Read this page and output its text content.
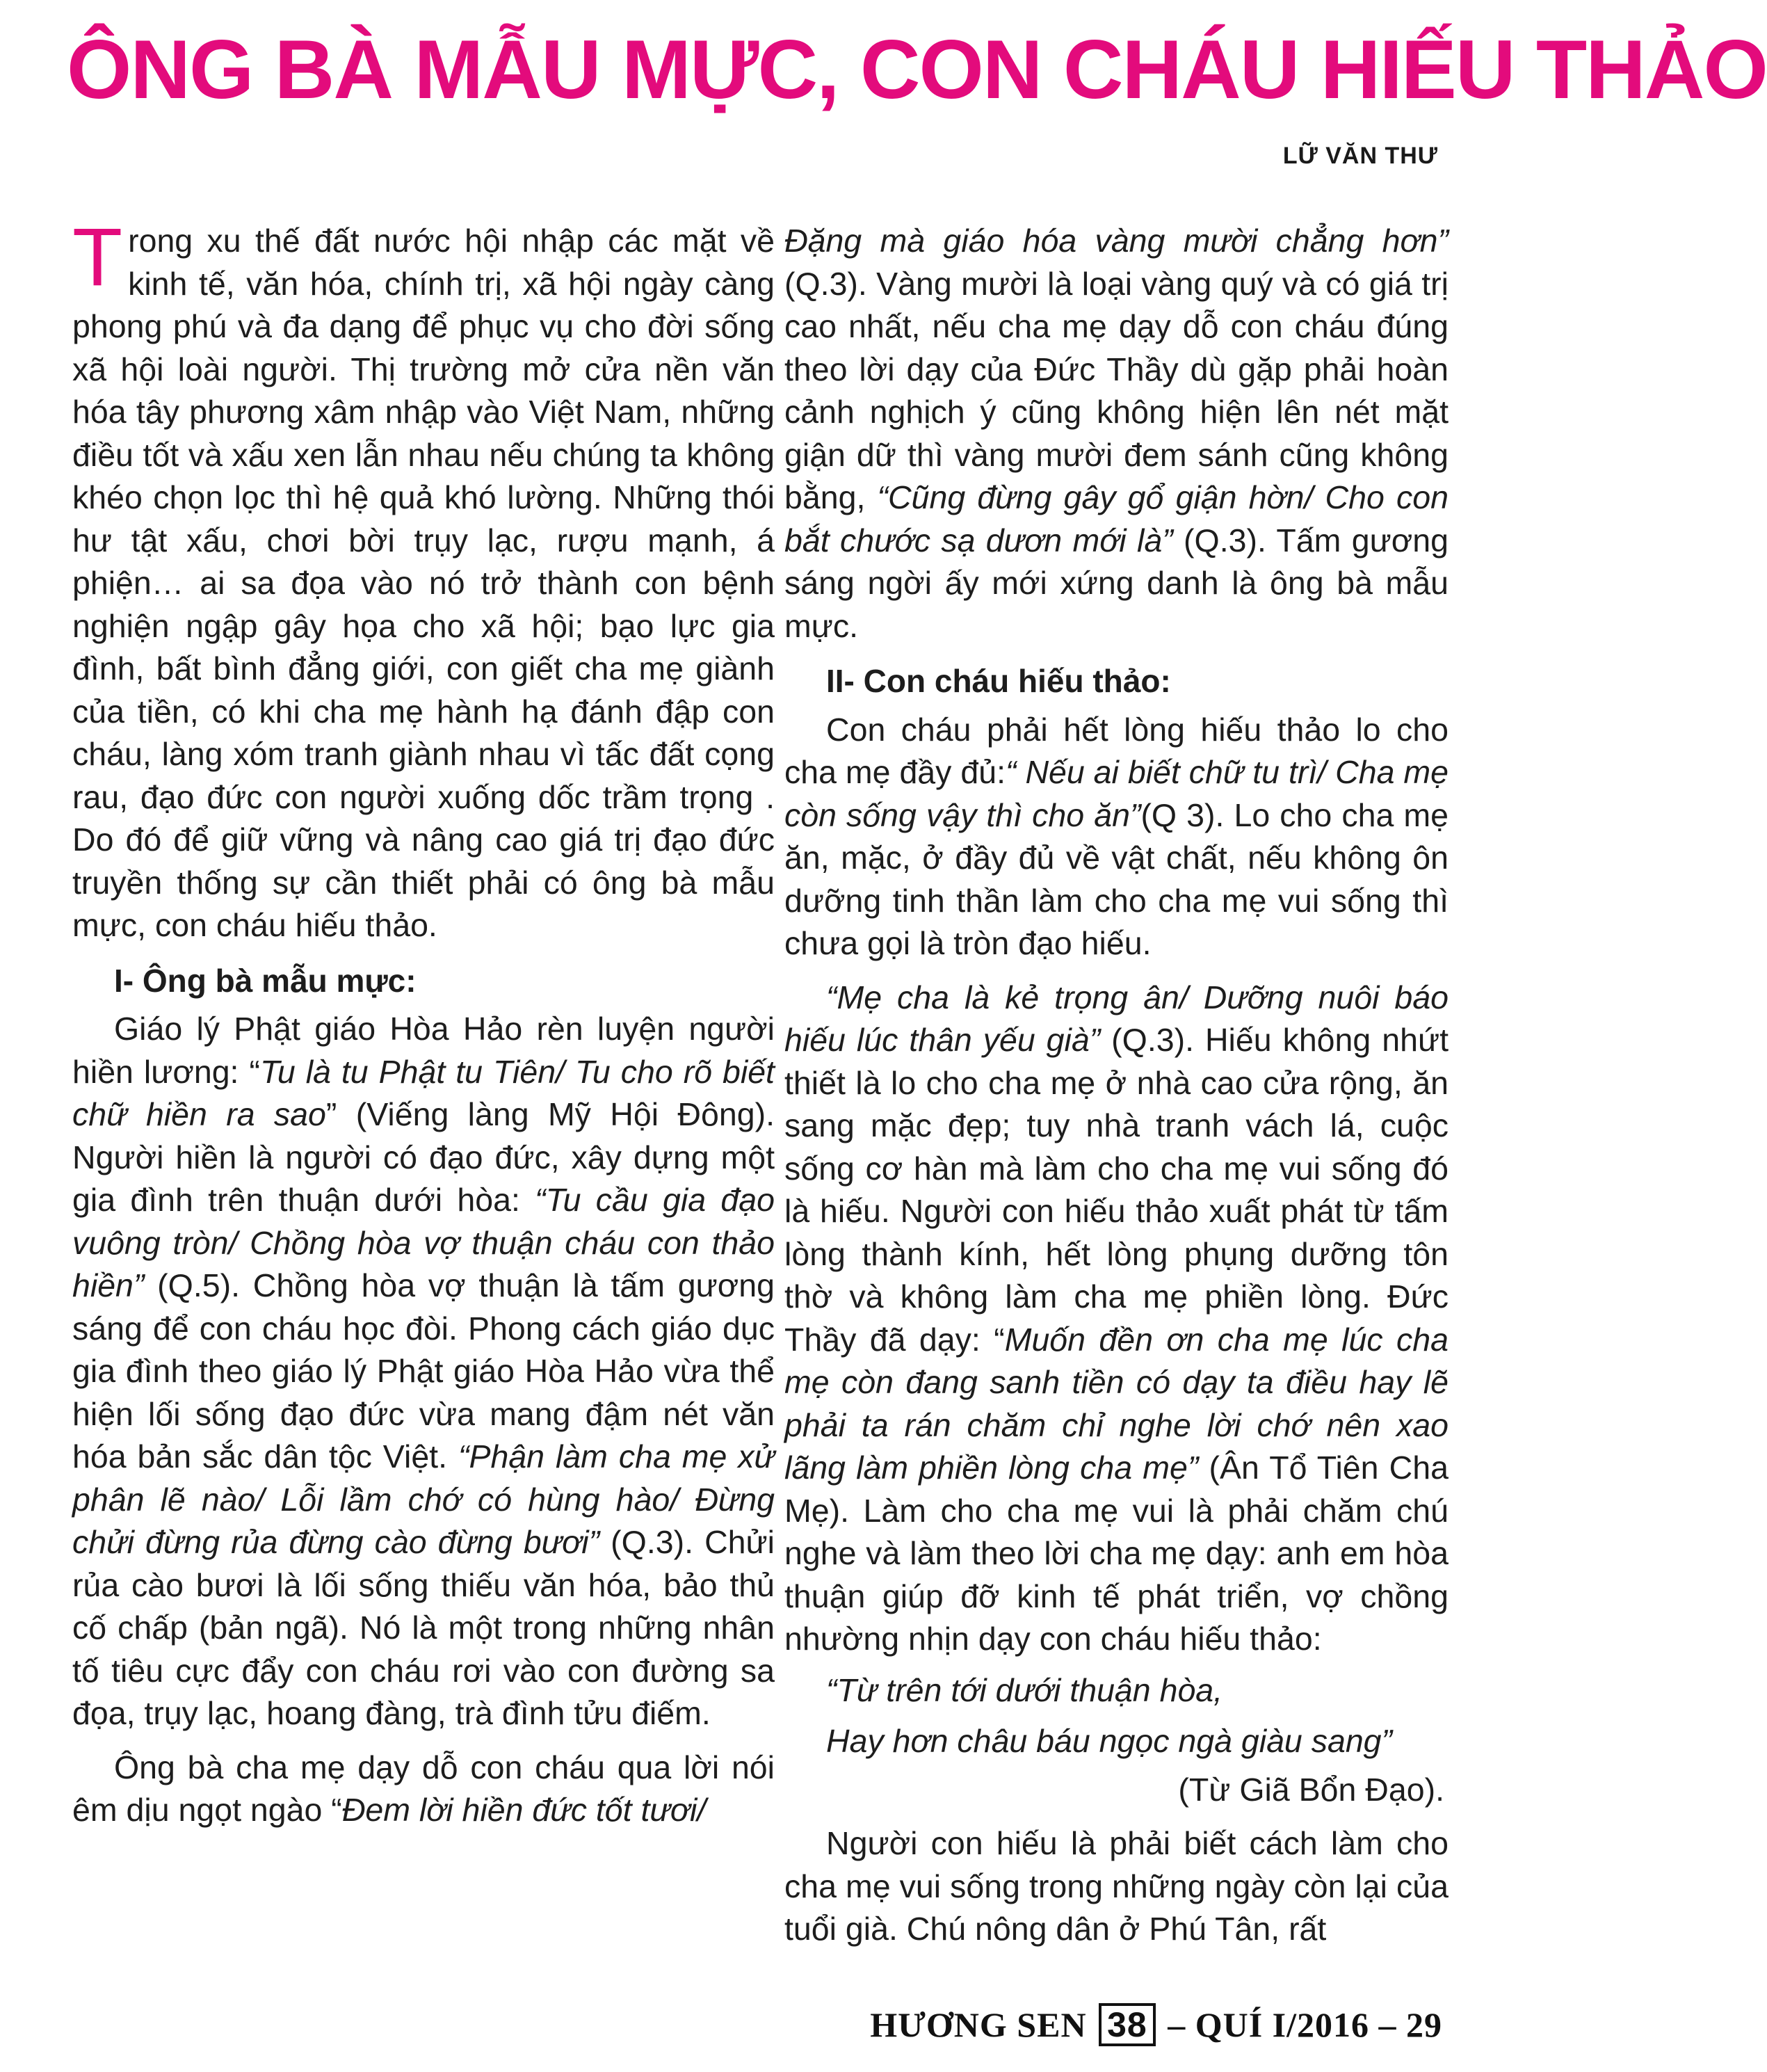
ÔNG BÀ MẪU MỰC, CON CHÁU HIẾU THẢO
LỮ VĂN THƯ

Trong xu thế đất nước hội nhập các mặt về kinh tế, văn hóa, chính trị, xã hội ngày càng phong phú và đa dạng để phục vụ cho đời sống xã hội loài người. Thị trường mở cửa nền văn hóa tây phương xâm nhập vào Việt Nam, những điều tốt và xấu xen lẫn nhau nếu chúng ta không khéo chọn lọc thì hệ quả khó lường. Những thói hư tật xấu, chơi bời trụy lạc, rượu mạnh, á phiện… ai sa đọa vào nó trở thành con bệnh nghiện ngập gây họa cho xã hội; bạo lực gia đình, bất bình đẳng giới, con giết cha mẹ giành của tiền, có khi cha mẹ hành hạ đánh đập con cháu, làng xóm tranh giành nhau vì tấc đất cọng rau, đạo đức con người xuống dốc trầm trọng . Do đó để giữ vững và nâng cao giá trị đạo đức truyền thống sự cần thiết phải có ông bà mẫu mực, con cháu hiếu thảo.

I- Ông bà mẫu mực:

Giáo lý Phật giáo Hòa Hảo rèn luyện người hiền lương: “Tu là tu Phật tu Tiên/ Tu cho rõ biết chữ hiền ra sao” (Viếng làng Mỹ Hội Đông). Người hiền là người có đạo đức, xây dựng một gia đình trên thuận dưới hòa: “Tu cầu gia đạo vuông tròn/ Chồng hòa vợ thuận cháu con thảo hiền” (Q.5). Chồng hòa vợ thuận là tấm gương sáng để con cháu học đòi. Phong cách giáo dục gia đình theo giáo lý Phật giáo Hòa Hảo vừa thể hiện lối sống đạo đức vừa mang đậm nét văn hóa bản sắc dân tộc Việt. “Phận làm cha mẹ xử phân lẽ nào/ Lỗi lầm chớ có hùng hào/ Đừng chửi đừng rủa đừng cào đừng bươi” (Q.3). Chửi rủa cào bươi là lối sống thiếu văn hóa, bảo thủ cố chấp (bản ngã). Nó là một trong những nhân tố tiêu cực đẩy con cháu rơi vào con đường sa đọa, trụy lạc, hoang đàng, trà đình tửu điếm.

Ông bà cha mẹ dạy dỗ con cháu qua lời nói êm dịu ngọt ngào “Đem lời hiền đức tốt tươi/

Đặng mà giáo hóa vàng mười chẳng hơn” (Q.3). Vàng mười là loại vàng quý và có giá trị cao nhất, nếu cha mẹ dạy dỗ con cháu đúng theo lời dạy của Đức Thầy dù gặp phải hoàn cảnh nghịch ý cũng không hiện lên nét mặt giận dữ thì vàng mười đem sánh cũng không bằng, “Cũng đừng gây gổ giận hờn/ Cho con bắt chước sạ dươn mới là” (Q.3). Tấm gương sáng ngời ấy mới xứng danh là ông bà mẫu mực.

II- Con cháu hiếu thảo:

Con cháu phải hết lòng hiếu thảo lo cho cha mẹ đầy đủ:“ Nếu ai biết chữ tu trì/ Cha mẹ còn sống vậy thì cho ăn”(Q 3). Lo cho cha mẹ ăn, mặc, ở đầy đủ về vật chất, nếu không ôn dưỡng tinh thần làm cho cha mẹ vui sống thì chưa gọi là tròn đạo hiếu.

“Mẹ cha là kẻ trọng ân/ Dưỡng nuôi báo hiếu lúc thân yếu già” (Q.3). Hiếu không nhứt thiết là lo cho cha mẹ ở nhà cao cửa rộng, ăn sang mặc đẹp; tuy nhà tranh vách lá, cuộc sống cơ hàn mà làm cho cha mẹ vui sống đó là hiếu. Người con hiếu thảo xuất phát từ tấm lòng thành kính, hết lòng phụng dưỡng tôn thờ và không làm cha mẹ phiền lòng. Đức Thầy đã dạy: “Muốn đền ơn cha mẹ lúc cha mẹ còn đang sanh tiền có dạy ta điều hay lẽ phải ta rán chăm chỉ nghe lời chớ nên xao lãng làm phiền lòng cha mẹ” (Ân Tổ Tiên Cha Mẹ). Làm cho cha mẹ vui là phải chăm chú nghe và làm theo lời cha mẹ dạy: anh em hòa thuận giúp đỡ kinh tế phát triển, vợ chồng nhường nhịn dạy con cháu hiếu thảo:

“Từ trên tới dưới thuận hòa,

Hay hơn châu báu ngọc ngà giàu sang”

(Từ Giã Bổn Đạo).

Người con hiếu là phải biết cách làm cho cha mẹ vui sống trong những ngày còn lại của tuổi già. Chú nông dân ở Phú Tân, rất

HƯƠNG SEN 38 – QUÍ I/2016 – 29
